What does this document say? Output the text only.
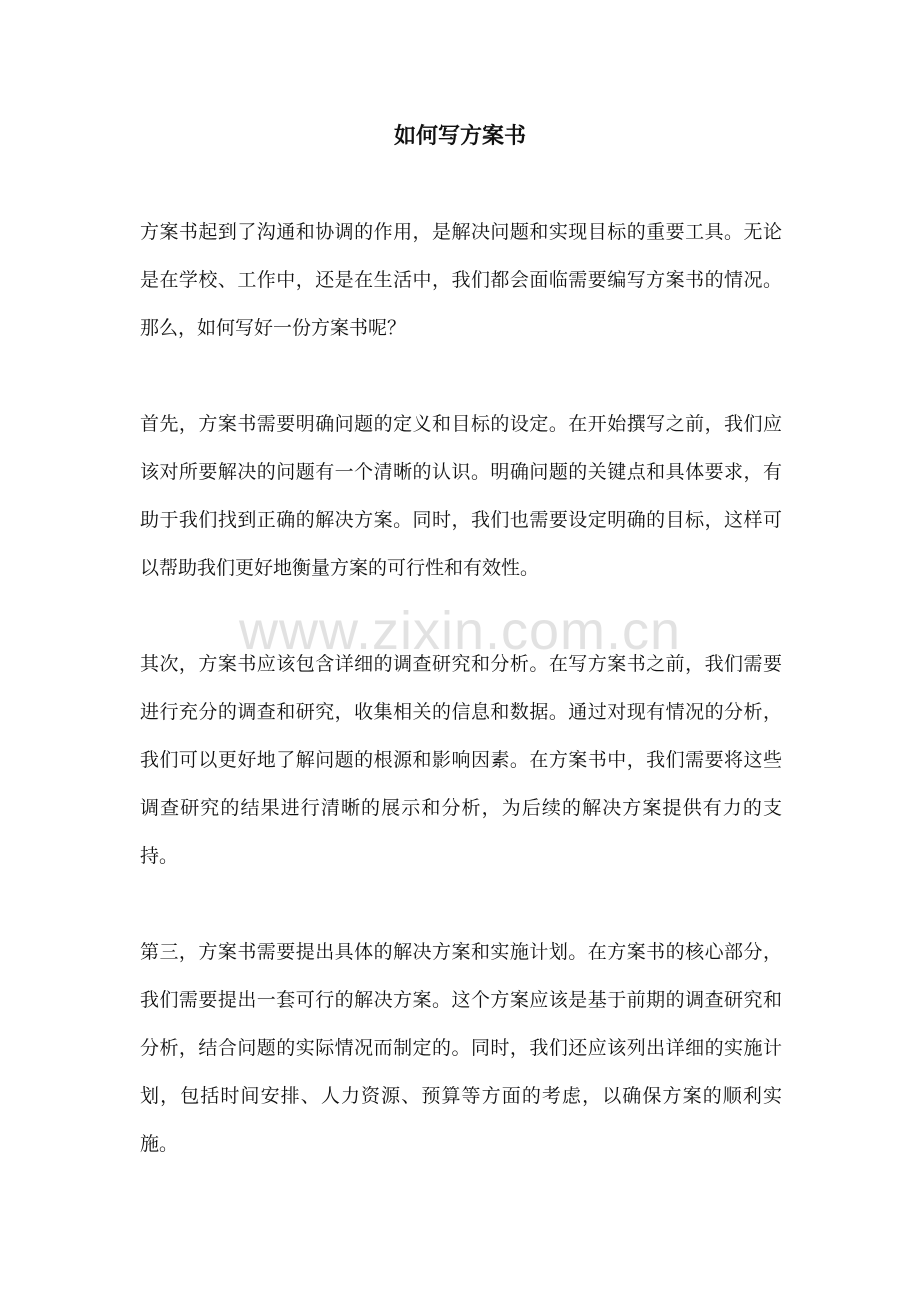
如何写方案书

方案书起到了沟通和协调的作用，是解决问题和实现目标的重要工具。无论是在学校、工作中，还是在生活中，我们都会面临需要编写方案书的情况。那么，如何写好一份方案书呢？

首先，方案书需要明确问题的定义和目标的设定。在开始撰写之前，我们应该对所要解决的问题有一个清晰的认识。明确问题的关键点和具体要求，有助于我们找到正确的解决方案。同时，我们也需要设定明确的目标，这样可以帮助我们更好地衡量方案的可行性和有效性。

其次，方案书应该包含详细的调查研究和分析。在写方案书之前，我们需要进行充分的调查和研究，收集相关的信息和数据。通过对现有情况的分析，我们可以更好地了解问题的根源和影响因素。在方案书中，我们需要将这些调查研究的结果进行清晰的展示和分析，为后续的解决方案提供有力的支持。

第三，方案书需要提出具体的解决方案和实施计划。在方案书的核心部分，我们需要提出一套可行的解决方案。这个方案应该是基于前期的调查研究和分析，结合问题的实际情况而制定的。同时，我们还应该列出详细的实施计划，包括时间安排、人力资源、预算等方面的考虑，以确保方案的顺利实施。

www.zixin.com.cn
